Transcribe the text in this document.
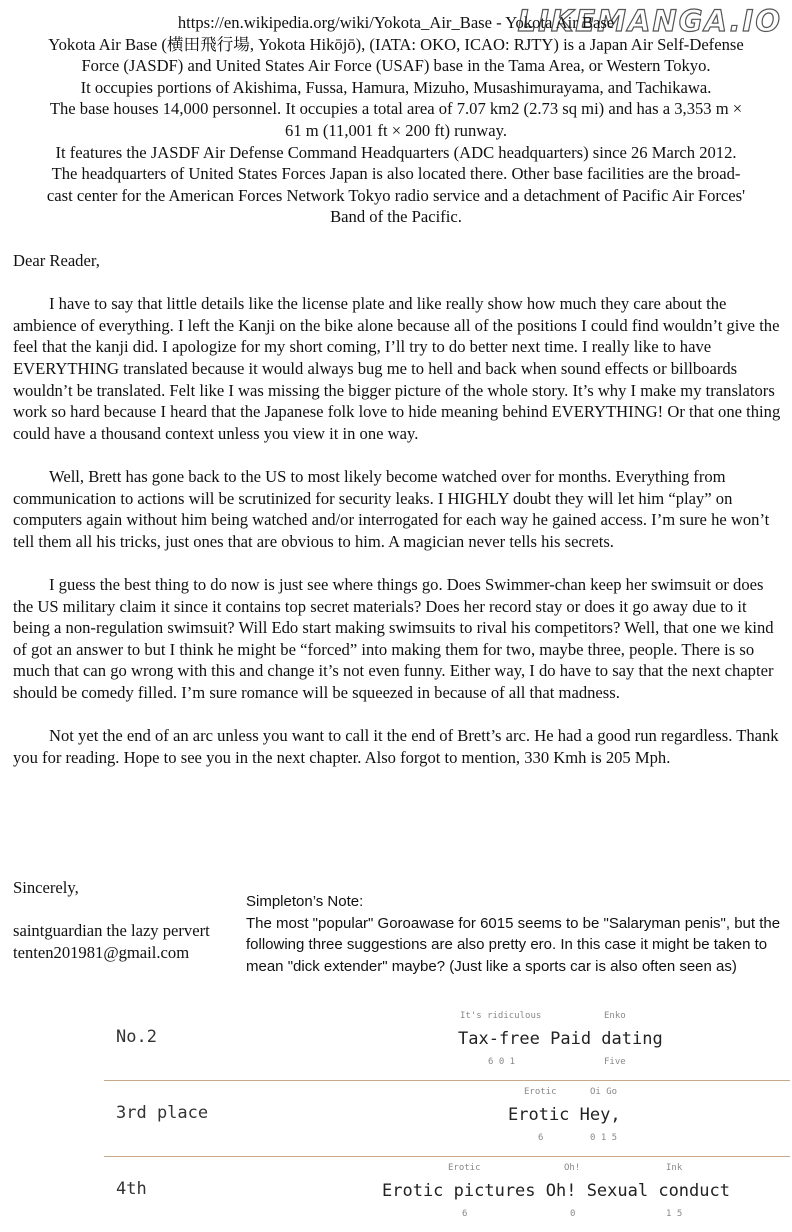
LIKEMANGA.IO
https://en.wikipedia.org/wiki/Yokota_Air_Base - Yokota Air Base
Yokota Air Base (横田飛行場, Yokota Hikōjō), (IATA: OKO, ICAO: RJTY) is a Japan Air Self-Defense
Force (JASDF) and United States Air Force (USAF) base in the Tama Area, or Western Tokyo.
It occupies portions of Akishima, Fussa, Hamura, Mizuho, Musashimurayama, and Tachikawa.
The base houses 14,000 personnel. It occupies a total area of 7.07 km2 (2.73 sq mi) and has a 3,353 m ×
61 m (11,001 ft × 200 ft) runway.
It features the JASDF Air Defense Command Headquarters (ADC headquarters) since 26 March 2012.
The headquarters of United States Forces Japan is also located there. Other base facilities are the broad-
cast center for the American Forces Network Tokyo radio service and a detachment of Pacific Air Forces'
Band of the Pacific.

Dear Reader,

I have to say that little details like the license plate and like really show how much they care about the ambience of everything. I left the Kanji on the bike alone because all of the positions I could find wouldn’t give the feel that the kanji did. I apologize for my short coming, I’ll try to do better next time. I really like to have EVERYTHING translated because it would always bug me to hell and back when sound effects or billboards wouldn’t be translated. Felt like I was missing the bigger picture of the whole story. It’s why I make my translators work so hard because I heard that the Japanese folk love to hide meaning behind EVERYTHING! Or that one thing could have a thousand context unless you view it in one way.

Well, Brett has gone back to the US to most likely become watched over for months. Everything from communication to actions will be scrutinized for security leaks. I HIGHLY doubt they will let him “play” on computers again without him being watched and/or interrogated for each way he gained access. I’m sure he won’t tell them all his tricks, just ones that are obvious to him. A magician never tells his secrets.

I guess the best thing to do now is just see where things go. Does Swimmer-chan keep her swimsuit or does the US military claim it since it contains top secret materials? Does her record stay or does it go away due to it being a non-regulation swimsuit? Will Edo start making swimsuits to rival his competitors? Well, that one we kind of got an answer to but I think he might be “forced” into making them for two, maybe three, people. There is so much that can go wrong with this and change it’s not even funny. Either way, I do have to say that the next chapter should be comedy filled. I’m sure romance will be squeezed in because of all that madness.

Not yet the end of an arc unless you want to call it the end of Brett’s arc. He had a good run regardless. Thank you for reading. Hope to see you in the next chapter. Also forgot to mention, 330 Kmh is 205 Mph.

Sincerely,
saintguardian the lazy pervert
tenten201981@gmail.com
Simpleton’s Note:
The most "popular" Goroawase for 6015 seems to be "Salaryman penis", but the following three suggestions are also pretty ero. In this case it might be taken to mean "dick extender" maybe? (Just like a sports car is also often seen as)
No.2
It's ridiculous	Enko
Tax-free Paid dating
6 0 1	Five
3rd place
Erotic	Oi Go
Erotic Hey,
6	0 1 5
4th
Erotic	Oh!	Ink
Erotic pictures Oh! Sexual conduct
6	0	1 5
